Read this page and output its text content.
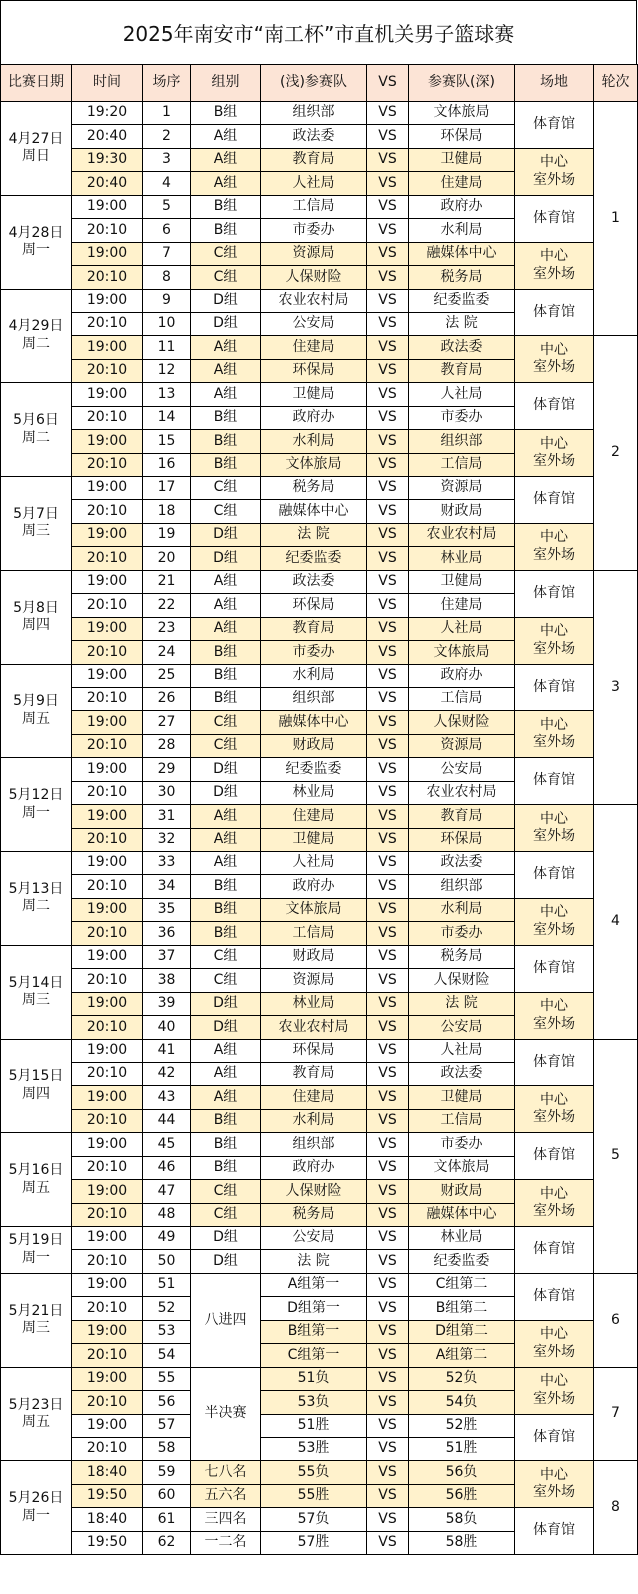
2025年南安市“南工杯”市直机关男子篮球赛
比赛日期	时间	场序	组别	(浅)参赛队	VS	参赛队(深)	场地	轮次
4月27日
周日	19:20	1	B组	组织部	VS	文体旅局	体育馆	1
	20:40	2	A组	政法委	VS	环保局		
	19:30	3	A组	教育局	VS	卫健局	中心
室外场	
	20:40	4	A组	人社局	VS	住建局		
4月28日
周一	19:00	5	B组	工信局	VS	政府办	体育馆	
	20:10	6	B组	市委办	VS	水利局		
	19:00	7	C组	资源局	VS	融媒体中心	中心
室外场	
	20:10	8	C组	人保财险	VS	税务局		
4月29日
周二	19:00	9	D组	农业农村局	VS	纪委监委	体育馆	
	20:10	10	D组	公安局	VS	法 院		
	19:00	11	A组	住建局	VS	政法委	中心
室外场	2
	20:10	12	A组	环保局	VS	教育局		
5月6日
周二	19:00	13	A组	卫健局	VS	人社局	体育馆	
	20:10	14	B组	政府办	VS	市委办		
	19:00	15	B组	水利局	VS	组织部	中心
室外场	
	20:10	16	B组	文体旅局	VS	工信局		
5月7日
周三	19:00	17	C组	税务局	VS	资源局	体育馆	
	20:10	18	C组	融媒体中心	VS	财政局		
	19:00	19	D组	法 院	VS	农业农村局	中心
室外场	
	20:10	20	D组	纪委监委	VS	林业局		
5月8日
周四	19:00	21	A组	政法委	VS	卫健局	体育馆	3
	20:10	22	A组	环保局	VS	住建局		
	19:00	23	A组	教育局	VS	人社局	中心
室外场	
	20:10	24	B组	市委办	VS	文体旅局		
5月9日
周五	19:00	25	B组	水利局	VS	政府办	体育馆	
	20:10	26	B组	组织部	VS	工信局		
	19:00	27	C组	融媒体中心	VS	人保财险	中心
室外场	
	20:10	28	C组	财政局	VS	资源局		
5月12日
周一	19:00	29	D组	纪委监委	VS	公安局	体育馆	
	20:10	30	D组	林业局	VS	农业农村局		
	19:00	31	A组	住建局	VS	教育局	中心
室外场	4
	20:10	32	A组	卫健局	VS	环保局		
5月13日
周二	19:00	33	A组	人社局	VS	政法委	体育馆	
	20:10	34	B组	政府办	VS	组织部		
	19:00	35	B组	文体旅局	VS	水利局	中心
室外场	
	20:10	36	B组	工信局	VS	市委办		
5月14日
周三	19:00	37	C组	财政局	VS	税务局	体育馆	
	20:10	38	C组	资源局	VS	人保财险		
	19:00	39	D组	林业局	VS	法 院	中心
室外场	
	20:10	40	D组	农业农村局	VS	公安局		
5月15日
周四	19:00	41	A组	环保局	VS	人社局	体育馆	5
	20:10	42	A组	教育局	VS	政法委		
	19:00	43	A组	住建局	VS	卫健局	中心
室外场	
	20:10	44	B组	水利局	VS	工信局		
5月16日
周五	19:00	45	B组	组织部	VS	市委办	体育馆	
	20:10	46	B组	政府办	VS	文体旅局		
	19:00	47	C组	人保财险	VS	财政局	中心
室外场	
	20:10	48	C组	税务局	VS	融媒体中心		
5月19日
周一	19:00	49	D组	公安局	VS	林业局	体育馆	
	20:10	50	D组	法 院	VS	纪委监委		
5月21日
周三	19:00	51	八进四	A组第一	VS	C组第二	体育馆	6
	20:10	52		D组第一	VS	B组第二		
	19:00	53		B组第一	VS	D组第二	中心
室外场	
	20:10	54		C组第一	VS	A组第二		
5月23日
周五	19:00	55	半决赛	51负	VS	52负	中心
室外场	7
	20:10	56		53负	VS	54负		
	19:00	57		51胜	VS	52胜	体育馆	
	20:10	58		53胜	VS	51胜		
5月26日
周一	18:40	59	七八名	55负	VS	56负	中心
室外场	8
	19:50	60	五六名	55胜	VS	56胜		
	18:40	61	三四名	57负	VS	58负	体育馆	
	19:50	62	一二名	57胜	VS	58胜		
